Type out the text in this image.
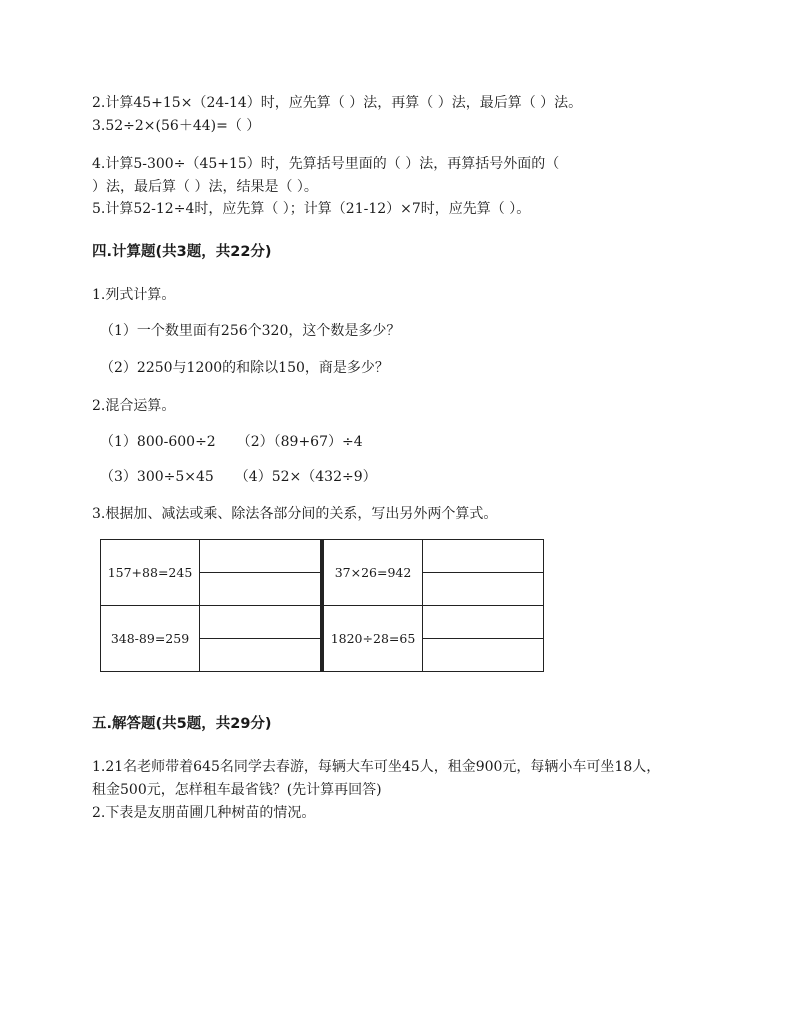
2.计算45+15×（24-14）时，应先算（ ）法，再算（ ）法，最后算（ ）法。
3.52÷2×(56＋44)=（ ）
4.计算5-300÷（45+15）时，先算括号里面的（ ）法，再算括号外面的（
）法，最后算（ ）法，结果是（ ）。
5.计算52-12÷4时，应先算（ ）；计算（21-12）×7时，应先算（ ）。
四.计算题(共3题，共22分)
1.列式计算。
（1）一个数里面有256个320，这个数是多少？
（2）2250与1200的和除以150，商是多少？
2.混合运算。
（1）800-600÷2　　（2）（89+67）÷4
（3）300÷5×45　　（4）52×（432÷9）
3.根据加、减法或乘、除法各部分间的关系，写出另外两个算式。
157+88=245			37×26=942	

348-89=259			1820÷28=65	

五.解答题(共5题，共29分)
1.21名老师带着645名同学去春游，每辆大车可坐45人，租金900元，每辆小车可坐18人，
租金500元，怎样租车最省钱？(先计算再回答)
2.下表是友朋苗圃几种树苗的情况。
